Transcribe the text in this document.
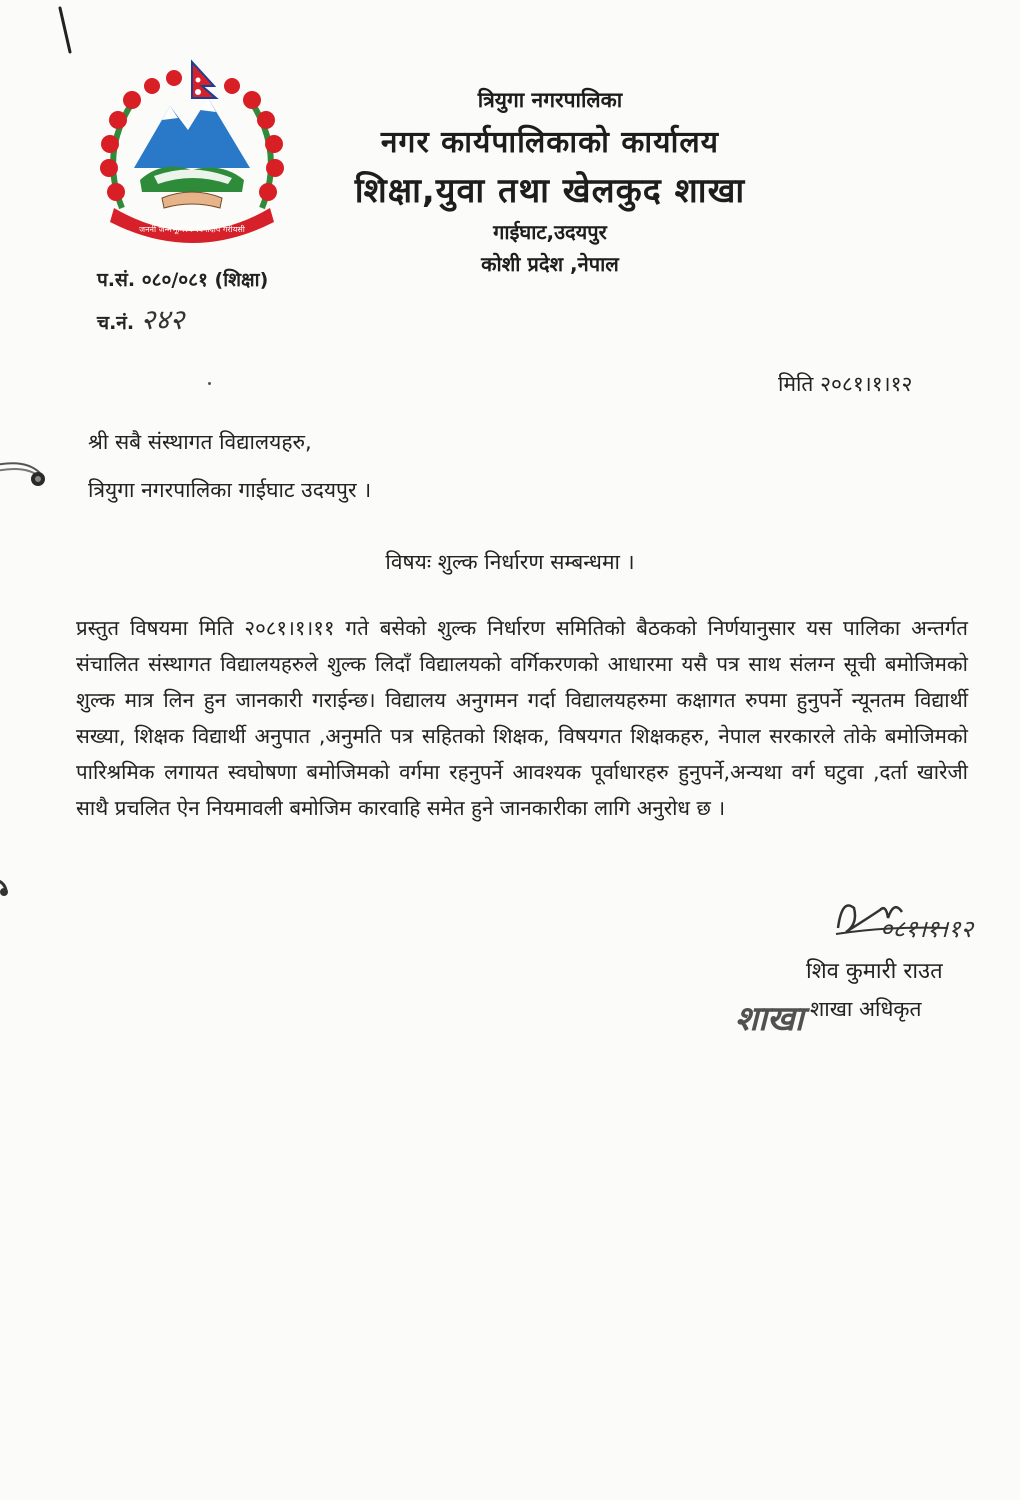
जननी जन्मभूमिश्च स्वर्गादपि गरीयसी
त्रियुगा नगरपालिका
नगर कार्यपालिकाको कार्यालय
शिक्षा,युवा तथा खेलकुद शाखा
गाईघाट,उदयपुर
कोशी प्रदेश ,नेपाल
प.सं. ०८०/०८१ (शिक्षा)
च.नं. २४२
मिति २०८१।१।१२
श्री सबै संस्थागत विद्यालयहरु,
त्रियुगा नगरपालिका गाईघाट उदयपुर ।
विषयः शुल्क निर्धारण सम्बन्धमा ।
प्रस्तुत विषयमा मिति २०८१।१।११ गते बसेको शुल्क निर्धारण समितिको बैठकको निर्णयानुसार यस पालिका अन्तर्गत संचालित संस्थागत विद्यालयहरुले शुल्क लिदाँ विद्यालयको वर्गिकरणको आधारमा यसै पत्र साथ संलग्न सूची बमोजिमको शुल्क मात्र लिन हुन जानकारी गराईन्छ। विद्यालय अनुगमन गर्दा विद्यालयहरुमा कक्षागत रुपमा हुनुपर्ने न्यूनतम विद्यार्थी सख्या, शिक्षक विद्यार्थी अनुपात ,अनुमति पत्र सहितको शिक्षक, विषयगत शिक्षकहरु, नेपाल सरकारले तोके बमोजिमको पारिश्रमिक लगायत स्वघोषणा बमोजिमको वर्गमा रहनुपर्ने आवश्यक पूर्वाधारहरु हुनुपर्ने,अन्यथा वर्ग घटुवा ,दर्ता खारेजी साथै प्रचलित ऐन नियमावली बमोजिम कारवाहि समेत हुने जानकारीका लागि अनुरोध छ ।
०८१।१।१२
शिव कुमारी राउत
शाखा शाखा अधिकृत
